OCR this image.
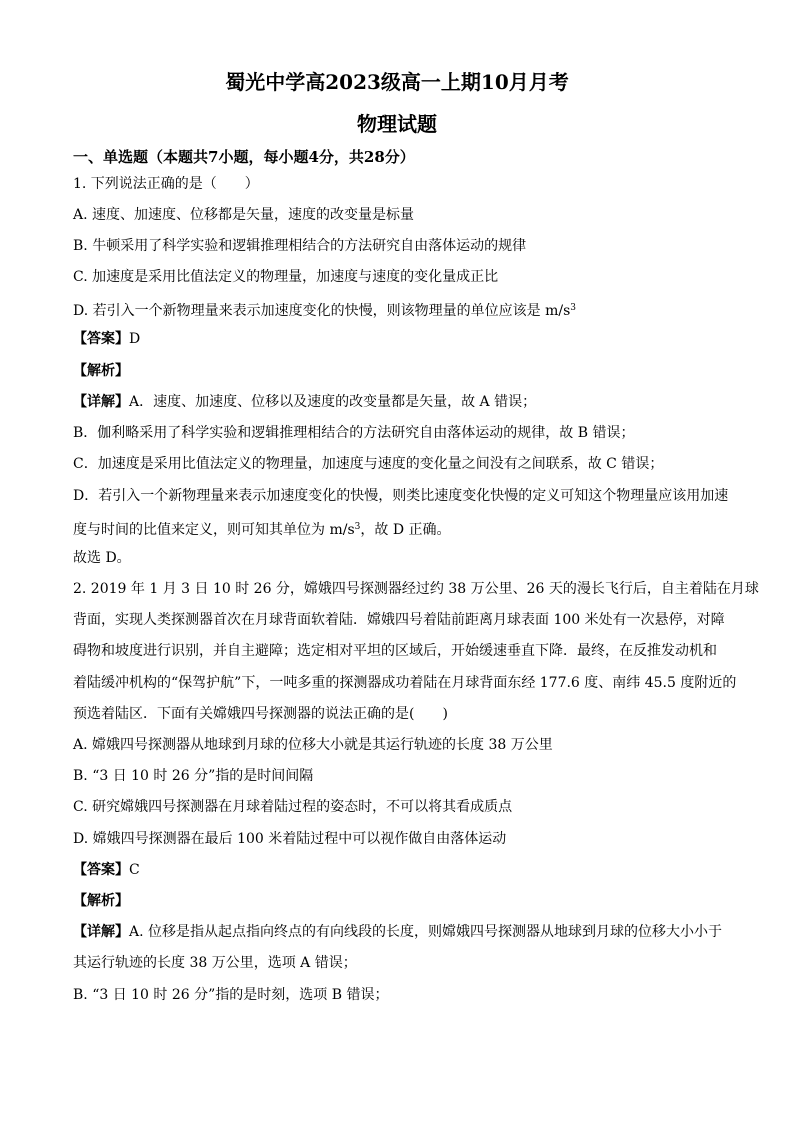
蜀光中学高2023级高一上期10月月考
物理试题
一、单选题（本题共7小题，每小题4分，共28分）
1. 下列说法正确的是（　　）
A. 速度、加速度、位移都是矢量，速度的改变量是标量
B. 牛顿采用了科学实验和逻辑推理相结合的方法研究自由落体运动的规律
C. 加速度是采用比值法定义的物理量，加速度与速度的变化量成正比
D. 若引入一个新物理量来表示加速度变化的快慢，则该物理量的单位应该是 $m/s^3$
【答案】D
【解析】
【详解】A．速度、加速度、位移以及速度的改变量都是矢量，故 A 错误；
B．伽利略采用了科学实验和逻辑推理相结合的方法研究自由落体运动的规律，故 B 错误；
C．加速度是采用比值法定义的物理量，加速度与速度的变化量之间没有之间联系，故 C 错误；
D．若引入一个新物理量来表示加速度变化的快慢，则类比速度变化快慢的定义可知这个物理量应该用加速
度与时间的比值来定义，则可知其单位为 $m/s^3$，故 D 正确。
故选 D。
2. 2019 年 1 月 3 日 10 时 26 分，嫦娥四号探测器经过约 38 万公里、26 天的漫长飞行后，自主着陆在月球
背面，实现人类探测器首次在月球背面软着陆．嫦娥四号着陆前距离月球表面 100 米处有一次悬停，对障
碍物和坡度进行识别，并自主避障；选定相对平坦的区域后，开始缓速垂直下降．最终，在反推发动机和
着陆缓冲机构的“保驾护航”下，一吨多重的探测器成功着陆在月球背面东经 177.6 度、南纬 45.5 度附近的
预选着陆区．下面有关嫦娥四号探测器的说法正确的是(　　)
A. 嫦娥四号探测器从地球到月球的位移大小就是其运行轨迹的长度 38 万公里
B. “3 日 10 时 26 分”指的是时间间隔
C. 研究嫦娥四号探测器在月球着陆过程的姿态时，不可以将其看成质点
D. 嫦娥四号探测器在最后 100 米着陆过程中可以视作做自由落体运动
【答案】C
【解析】
【详解】A. 位移是指从起点指向终点的有向线段的长度，则嫦娥四号探测器从地球到月球的位移大小小于
其运行轨迹的长度 38 万公里，选项 A 错误；
B. “3 日 10 时 26 分”指的是时刻，选项 B 错误；
